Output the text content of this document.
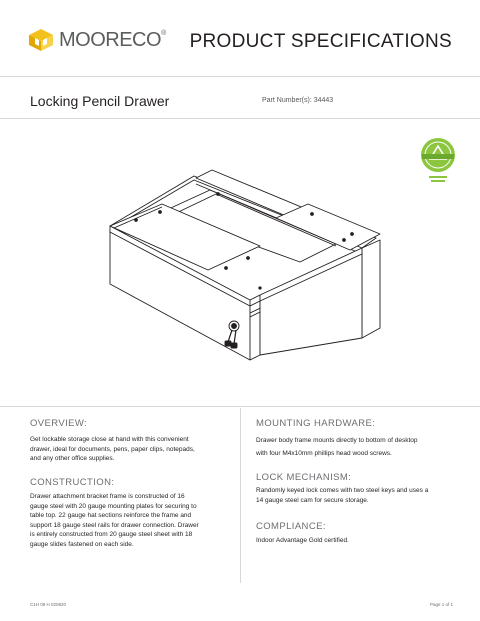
MOORECO® PRODUCT SPECIFICATIONS
Locking Pencil Drawer	Part Number(s): 34443
OVERVIEW:
Get lockable storage close at hand with this convenient
drawer, ideal for documents, pens, paper clips, notepads,
and any other office supplies.
CONSTRUCTION:
Drawer attachment bracket frame is constructed of 16
gauge steel with 20 gauge mounting plates for securing to
table top. 22 gauge hat sections reinforce the frame and
support 18 gauge steel rails for drawer connection. Drawer
is entirely constructed from 20 gauge steel sheet with 18
gauge slides fastened on each side.
MOUNTING HARDWARE:
Drawer body frame mounts directly to bottom of desktop
with four M4x10mm phillips head wood screws.
LOCK MECHANISM:
Randomly keyed lock comes with two steel keys and uses a
14 gauge steel cam for secure storage.
COMPLIANCE:
Indoor Advantage Gold certified.
C1H 09 H 020820	Page 1 of 1
